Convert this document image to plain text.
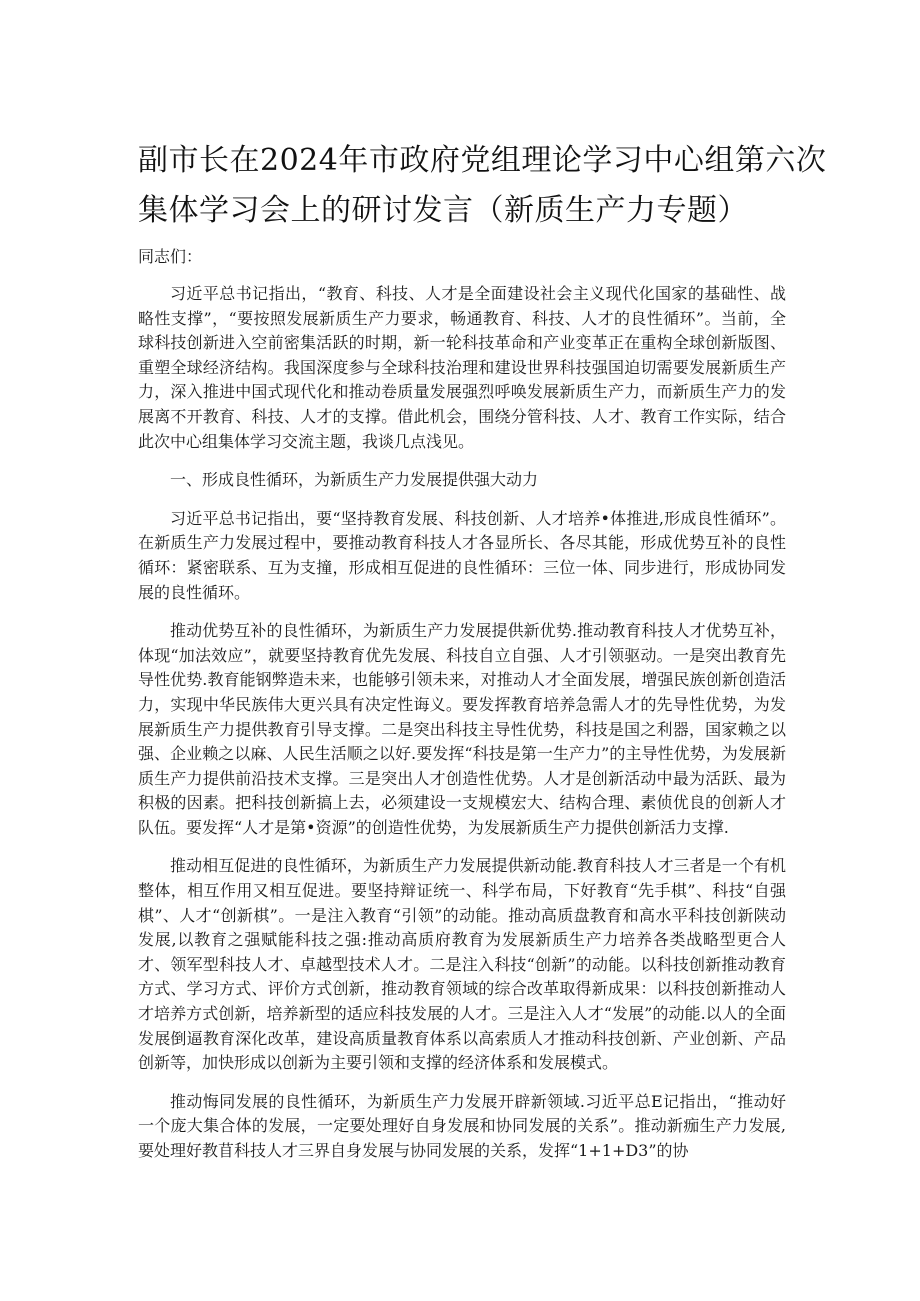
副市长在2024年市政府党组理论学习中心组第六次
集体学习会上的研讨发言（新质生产力专题）
同志们：

习近平总书记指出，“教育、科技、人才是全面建设社会主义现代化国家的基础性、战略性支撑”，“要按照发展新质生产力要求，畅通教育、科技、人才的良性循环”。当前，全球科技创新进入空前密集活跃的时期，新一轮科技革命和产业变革正在重构全球创新版图、重塑全球经济结构。我国深度参与全球科技治理和建设世界科技强国迫切需要发展新质生产力，深入推进中国式现代化和推动卷质量发展强烈呼唤发展新质生产力，而新质生产力的发展离不开教育、科技、人才的支撑。借此机会，围绕分管科技、人才、教育工作实际，结合此次中心组集体学习交流主题，我谈几点浅见。

一、形成良性循环，为新质生产力发展提供强大动力

习近平总书记指出，要“坚持教育发展、科技创新、人才培养•体推进,形成良性循环”。在新质生产力发展过程中，要推动教育科技人才各显所长、各尽其能，形成优势互补的良性循环：紧密联系、互为支撞，形成相互促进的良性循环：三位一体、同步进行，形成协同发展的良性循环。

推动优势互补的良性循环，为新质生产力发展提供新优势.推动教育科技人才优势互补，体现“加法效应”，就要坚持教育优先发展、科技自立自强、人才引领驱动。一是突出教育先导性优势.教育能钢弊造未来，也能够引领未来，对推动人才全面发展，增强民族创新创造活力，实现中华民族伟大更兴具有决定性诲义。要发挥教育培养急需人才的先导性优势，为发展新质生产力提供教育引导支撑。二是突出科技主导性优势，科技是国之利器，国家赖之以强、企业赖之以麻、人民生活顺之以好.要发挥“科技是第一生产力”的主导性优势，为发展新质生产力提供前沿技术支撑。三是突出人才创造性优势。人才是创新活动中最为活跃、最为积极的因素。把科技创新搞上去，必须建设一支规模宏大、结构合理、素侦优良的创新人才队伍。要发挥“人才是第•资源”的创造性优势，为发展新质生产力提供创新活力支撑.

推动相互促进的良性循环，为新质生产力发展提供新动能.教育科技人才三者是一个有机整体，相互作用又相互促进。要坚持辩证统一、科学布局，下好教育“先手棋”、科技“自强棋”、人才“创新棋”。一是注入教育“引领”的动能。推动高质盘教育和高水平科技创新陕动发展,以教育之强赋能科技之强:推动高质府教育为发展新质生产力培养各类战略型更合人才、领军型科技人才、卓越型技术人才。二是注入科技“创新”的动能。以科技创新推动教育方式、学习方式、评价方式创新，推动教育领域的综合改革取得新成果：以科技创新推动人才培养方式创新，培养新型的适应科技发展的人才。三是注入人才“发展”的动能.以人的全面发展倒逼教育深化改革，建设高质量教育体系以高索质人才推动科技创新、产业创新、产品创新等，加快形成以创新为主要引领和支撑的经济体系和发展模式。

推动悔同发展的良性循环，为新质生产力发展开辟新领域.习近平总E记指出，“推动好一个庞大集合体的发展，一定要处理好自身发展和协同发展的关系”。推动新痂生产力发展,要处理好教苜科技人才三界自身发展与协同发展的关系，发挥“1+1+D3”的协
